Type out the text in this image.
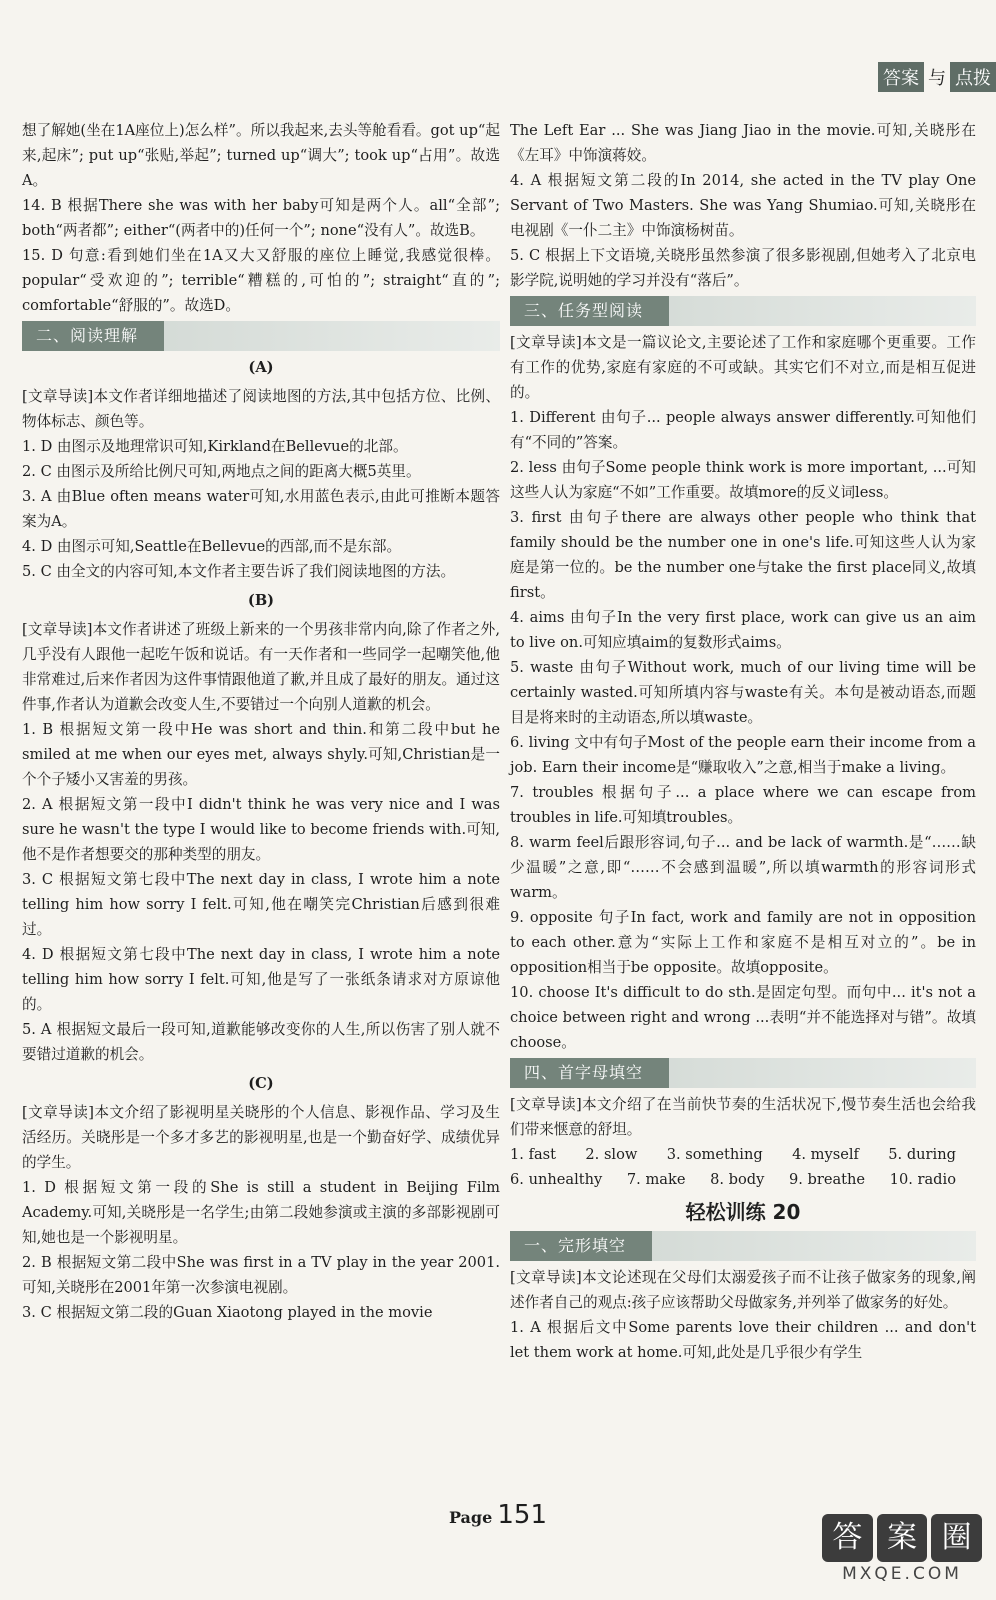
答案 与 点拨

想了解她(坐在1A座位上)怎么样”。所以我起来,去头等舱看看。got up“起来,起床”; put up“张贴,举起”; turned up“调大”; took up“占用”。故选A。

14. B 根据There she was with her baby可知是两个人。all“全部”; both“两者都”; either“(两者中的)任何一个”; none“没有人”。故选B。

15. D 句意:看到她们坐在1A又大又舒服的座位上睡觉,我感觉很棒。popular“受欢迎的”; terrible“糟糕的,可怕的”; straight“直的”; comfortable“舒服的”。故选D。

二、阅读理解
(A)

[文章导读]本文作者详细地描述了阅读地图的方法,其中包括方位、比例、物体标志、颜色等。

1. D 由图示及地理常识可知,Kirkland在Bellevue的北部。

2. C 由图示及所给比例尺可知,两地点之间的距离大概5英里。

3. A 由Blue often means water可知,水用蓝色表示,由此可推断本题答案为A。

4. D 由图示可知,Seattle在Bellevue的西部,而不是东部。

5. C 由全文的内容可知,本文作者主要告诉了我们阅读地图的方法。

(B)

[文章导读]本文作者讲述了班级上新来的一个男孩非常内向,除了作者之外,几乎没有人跟他一起吃午饭和说话。有一天作者和一些同学一起嘲笑他,他非常难过,后来作者因为这件事情跟他道了歉,并且成了最好的朋友。通过这件事,作者认为道歉会改变人生,不要错过一个向别人道歉的机会。

1. B 根据短文第一段中He was short and thin.和第二段中but he smiled at me when our eyes met, always shyly.可知,Christian是一个个子矮小又害羞的男孩。

2. A 根据短文第一段中I didn't think he was very nice and I was sure he wasn't the type I would like to become friends with.可知,他不是作者想要交的那种类型的朋友。

3. C 根据短文第七段中The next day in class, I wrote him a note telling him how sorry I felt.可知,他在嘲笑完Christian后感到很难过。

4. D 根据短文第七段中The next day in class, I wrote him a note telling him how sorry I felt.可知,他是写了一张纸条请求对方原谅他的。

5. A 根据短文最后一段可知,道歉能够改变你的人生,所以伤害了别人就不要错过道歉的机会。

(C)

[文章导读]本文介绍了影视明星关晓彤的个人信息、影视作品、学习及生活经历。关晓彤是一个多才多艺的影视明星,也是一个勤奋好学、成绩优异的学生。

1. D 根据短文第一段的She is still a student in Beijing Film Academy.可知,关晓彤是一名学生;由第二段她参演或主演的多部影视剧可知,她也是一个影视明星。

2. B 根据短文第二段中She was first in a TV play in the year 2001.可知,关晓彤在2001年第一次参演电视剧。

3. C 根据短文第二段的Guan Xiaotong played in the movie

The Left Ear ... She was Jiang Jiao in the movie.可知,关晓彤在《左耳》中饰演蒋姣。

4. A 根据短文第二段的In 2014, she acted in the TV play One Servant of Two Masters. She was Yang Shumiao.可知,关晓彤在电视剧《一仆二主》中饰演杨树苗。

5. C 根据上下文语境,关晓彤虽然参演了很多影视剧,但她考入了北京电影学院,说明她的学习并没有“落后”。

三、任务型阅读

[文章导读]本文是一篇议论文,主要论述了工作和家庭哪个更重要。工作有工作的优势,家庭有家庭的不可或缺。其实它们不对立,而是相互促进的。

1. Different 由句子... people always answer differently.可知他们有“不同的”答案。

2. less 由句子Some people think work is more important, ...可知这些人认为家庭“不如”工作重要。故填more的反义词less。

3. first 由句子there are always other people who think that family should be the number one in one's life.可知这些人认为家庭是第一位的。be the number one与take the first place同义,故填first。

4. aims 由句子In the very first place, work can give us an aim to live on.可知应填aim的复数形式aims。

5. waste 由句子Without work, much of our living time will be certainly wasted.可知所填内容与waste有关。本句是被动语态,而题目是将来时的主动语态,所以填waste。

6. living 文中有句子Most of the people earn their income from a job. Earn their income是“赚取收入”之意,相当于make a living。

7. troubles 根据句子... a place where we can escape from troubles in life.可知填troubles。

8. warm feel后跟形容词,句子... and be lack of warmth.是“……缺少温暖”之意,即“……不会感到温暖”,所以填warmth的形容词形式warm。

9. opposite 句子In fact, work and family are not in opposition to each other.意为“实际上工作和家庭不是相互对立的”。be in opposition相当于be opposite。故填opposite。

10. choose It's difficult to do sth.是固定句型。而句中... it's not a choice between right and wrong ...表明“并不能选择对与错”。故填choose。

四、首字母填空

[文章导读]本文介绍了在当前快节奏的生活状况下,慢节奏生活也会给我们带来惬意的舒坦。

1. fast 2. slow 3. something 4. myself 5. during
6. unhealthy 7. make 8. body 9. breathe 10. radio
轻松训练 20
一、完形填空

[文章导读]本文论述现在父母们太溺爱孩子而不让孩子做家务的现象,阐述作者自己的观点:孩子应该帮助父母做家务,并列举了做家务的好处。

1. A 根据后文中Some parents love their children ... and don't let them work at home.可知,此处是几乎很少有学生

Page 151
答 案 圈
MXQE.COM
